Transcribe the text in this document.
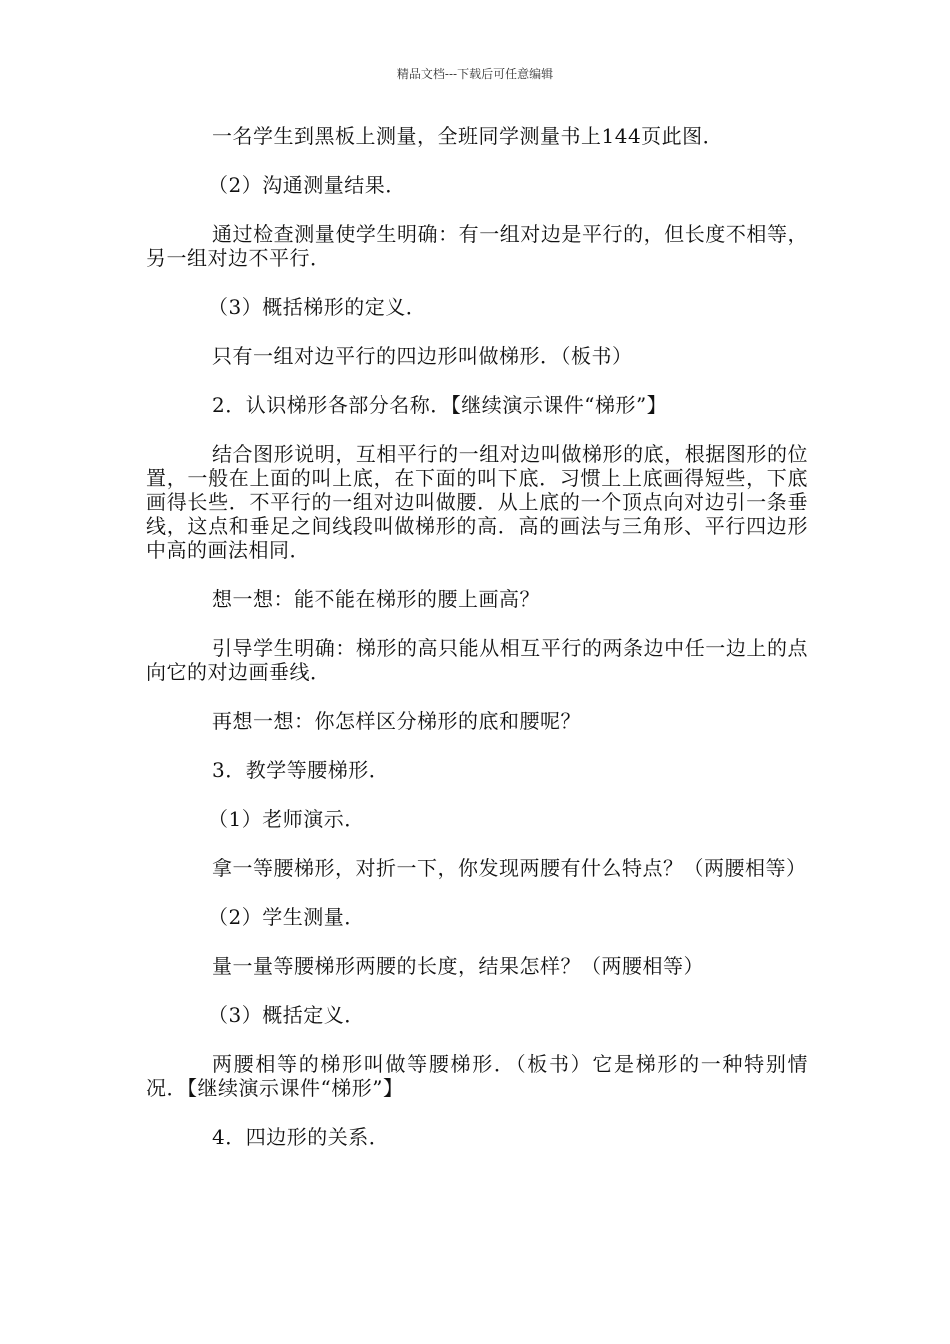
精品文档---下载后可任意编辑

一名学生到黑板上测量，全班同学测量书上144页此图．

（2）沟通测量结果．

通过检查测量使学生明确：有一组对边是平行的，但长度不相等，另一组对边不平行．

（3）概括梯形的定义．

只有一组对边平行的四边形叫做梯形．（板书）

2．认识梯形各部分名称．【继续演示课件“梯形”】

结合图形说明，互相平行的一组对边叫做梯形的底，根据图形的位置，一般在上面的叫上底，在下面的叫下底．习惯上上底画得短些，下底画得长些．不平行的一组对边叫做腰．从上底的一个顶点向对边引一条垂线，这点和垂足之间线段叫做梯形的高．高的画法与三角形、平行四边形中高的画法相同．

想一想：能不能在梯形的腰上画高？

引导学生明确：梯形的高只能从相互平行的两条边中任一边上的点向它的对边画垂线．

再想一想：你怎样区分梯形的底和腰呢？

3．教学等腰梯形．

（1）老师演示．

拿一等腰梯形，对折一下，你发现两腰有什么特点？（两腰相等）

（2）学生测量．

量一量等腰梯形两腰的长度，结果怎样？（两腰相等）

（3）概括定义．

两腰相等的梯形叫做等腰梯形．（板书）它是梯形的一种特别情况．【继续演示课件“梯形”】

4．四边形的关系．
